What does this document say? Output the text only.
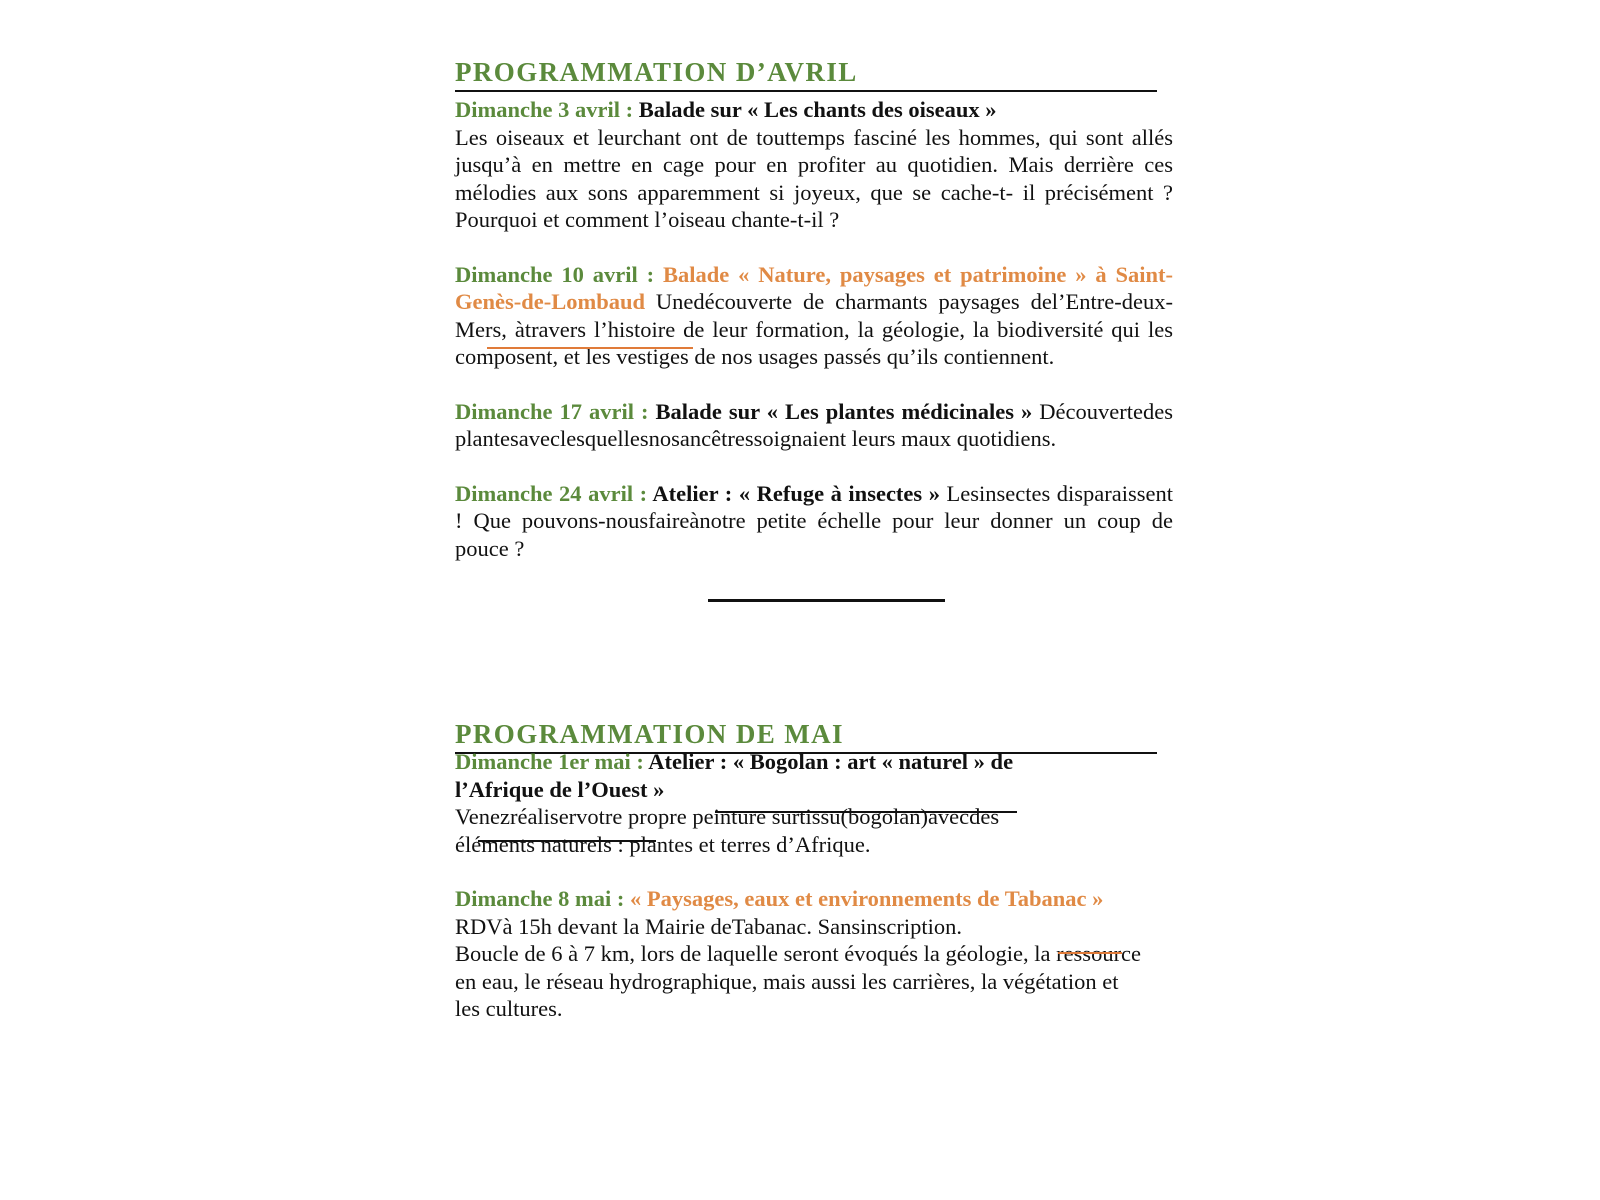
PROGRAMMATION D’AVRIL

Dimanche 3 avril : Balade sur « Les chants des oiseaux »
Les oiseaux et leurchant ont de touttemps fasciné les hommes, qui sont allés jusqu’à en mettre en cage pour en profiter au quotidien. Mais derrière ces mélodies aux sons apparemment si joyeux, que se cache-t- il précisément ? Pourquoi et comment l’oiseau chante-t-il ?

Dimanche 10 avril : Balade « Nature, paysages et patrimoine » à Saint-Genès-de-Lombaud Unedécouverte de charmants paysages del’Entre-deux-Mers, àtravers l’histoire de leur formation, la géologie, la biodiversité qui les composent, et les vestiges de nos usages passés qu’ils contiennent.

Dimanche 17 avril : Balade sur « Les plantes médicinales » Découvertedes plantesaveclesquellesnosancêtressoignaient leurs maux quotidiens.

Dimanche 24 avril : Atelier : « Refuge à insectes » Lesinsectes disparaissent ! Que pouvons-nousfaireànotre petite échelle pour leur donner un coup de pouce ?

PROGRAMMATION DE MAI

Dimanche 1er mai : Atelier : « Bogolan : art « naturel » de l’Afrique de l’Ouest »
Venezréaliservotre propre peinture surtissu(bogolan)avecdes éléments naturels : plantes et terres d’Afrique.

Dimanche 8 mai : « Paysages, eaux et environnements de Tabanac »
RDVà 15h devant la Mairie deTabanac. Sansinscription.
Boucle de 6 à 7 km, lors de laquelle seront évoqués la géologie, la ressource en eau, le réseau hydrographique, mais aussi les carrières, la végétation et les cultures.
